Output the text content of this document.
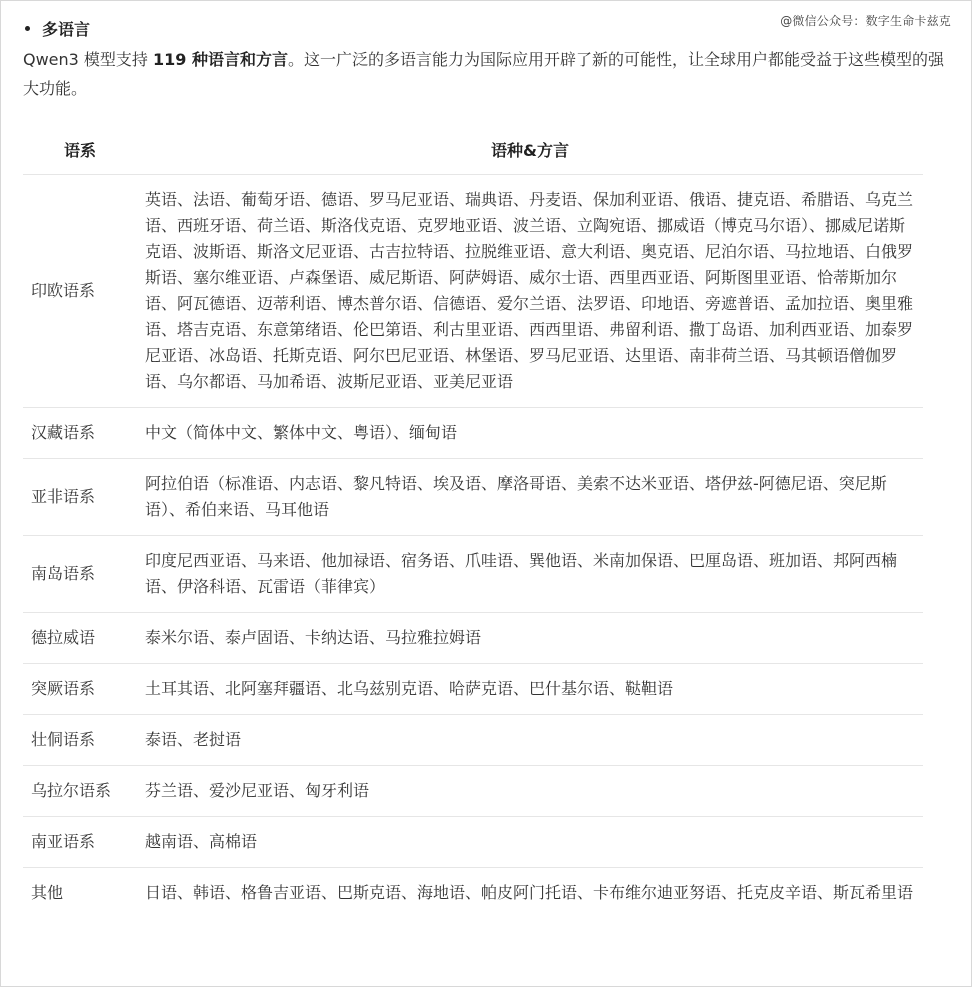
@微信公众号：数字生命卡兹克
多语言
Qwen3 模型支持 119 种语言和方言。这一广泛的多语言能力为国际应用开辟了新的可能性，让全球用户都能受益于这些模型的强大功能。
语系	语种&方言
印欧语系	英语、法语、葡萄牙语、德语、罗马尼亚语、瑞典语、丹麦语、保加利亚语、俄语、捷克语、希腊语、乌克兰语、西班牙语、荷兰语、斯洛伐克语、克罗地亚语、波兰语、立陶宛语、挪威语（博克马尔语）、挪威尼诺斯克语、波斯语、斯洛文尼亚语、古吉拉特语、拉脱维亚语、意大利语、奥克语、尼泊尔语、马拉地语、白俄罗斯语、塞尔维亚语、卢森堡语、威尼斯语、阿萨姆语、威尔士语、西里西亚语、阿斯图里亚语、恰蒂斯加尔语、阿瓦德语、迈蒂利语、博杰普尔语、信德语、爱尔兰语、法罗语、印地语、旁遮普语、孟加拉语、奥里雅语、塔吉克语、东意第绪语、伦巴第语、利古里亚语、西西里语、弗留利语、撒丁岛语、加利西亚语、加泰罗尼亚语、冰岛语、托斯克语、阿尔巴尼亚语、林堡语、罗马尼亚语、达里语、南非荷兰语、马其顿语僧伽罗语、乌尔都语、马加希语、波斯尼亚语、亚美尼亚语
汉藏语系	中文（简体中文、繁体中文、粤语）、缅甸语
亚非语系	阿拉伯语（标准语、内志语、黎凡特语、埃及语、摩洛哥语、美索不达米亚语、塔伊兹-阿德尼语、突尼斯语）、希伯来语、马耳他语
南岛语系	印度尼西亚语、马来语、他加禄语、宿务语、爪哇语、巽他语、米南加保语、巴厘岛语、班加语、邦阿西楠语、伊洛科语、瓦雷语（菲律宾）
德拉威语	泰米尔语、泰卢固语、卡纳达语、马拉雅拉姆语
突厥语系	土耳其语、北阿塞拜疆语、北乌兹别克语、哈萨克语、巴什基尔语、鞑靼语
壮侗语系	泰语、老挝语
乌拉尔语系	芬兰语、爱沙尼亚语、匈牙利语
南亚语系	越南语、高棉语
其他	日语、韩语、格鲁吉亚语、巴斯克语、海地语、帕皮阿门托语、卡布维尔迪亚努语、托克皮辛语、斯瓦希里语
